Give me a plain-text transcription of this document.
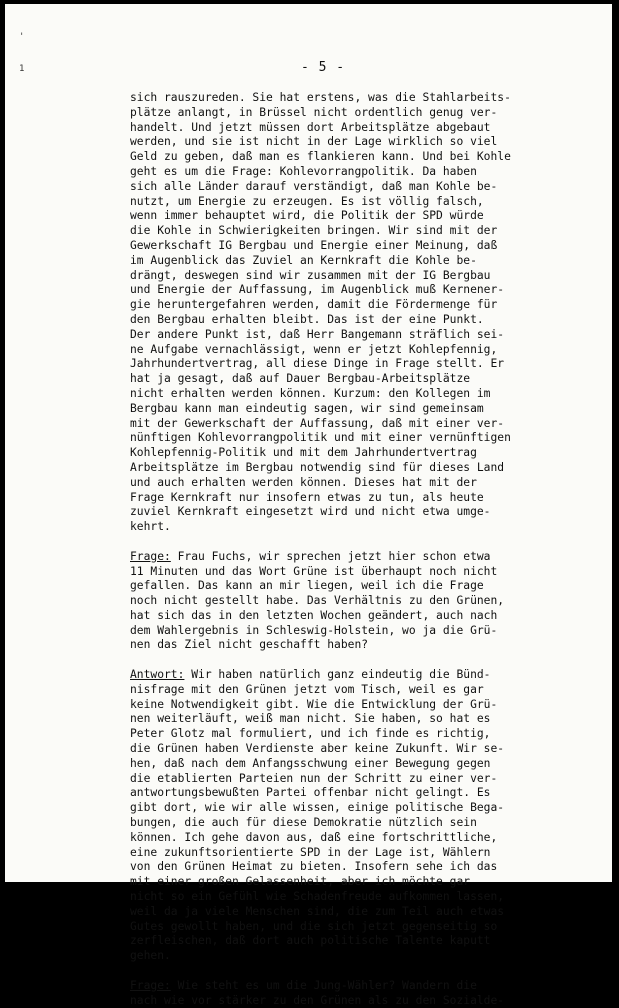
'
1	- 5 -
sich rauszureden. Sie hat erstens, was die Stahlarbeits-
plätze anlangt, in Brüssel nicht ordentlich genug ver-
handelt. Und jetzt müssen dort Arbeitsplätze abgebaut
werden, und sie ist nicht in der Lage wirklich so viel
Geld zu geben, daß man es flankieren kann. Und bei Kohle
geht es um die Frage: Kohlevorrangpolitik. Da haben
sich alle Länder darauf verständigt, daß man Kohle be-
nutzt, um Energie zu erzeugen. Es ist völlig falsch,
wenn immer behauptet wird, die Politik der SPD würde
die Kohle in Schwierigkeiten bringen. Wir sind mit der
Gewerkschaft IG Bergbau und Energie einer Meinung, daß
im Augenblick das Zuviel an Kernkraft die Kohle be-
drängt, deswegen sind wir zusammen mit der IG Bergbau
und Energie der Auffassung, im Augenblick muß Kernener-
gie heruntergefahren werden, damit die Fördermenge für
den Bergbau erhalten bleibt. Das ist der eine Punkt.
Der andere Punkt ist, daß Herr Bangemann sträflich sei-
ne Aufgabe vernachlässigt, wenn er jetzt Kohlepfennig,
Jahrhundertvertrag, all diese Dinge in Frage stellt. Er
hat ja gesagt, daß auf Dauer Bergbau-Arbeitsplätze
nicht erhalten werden können. Kurzum: den Kollegen im
Bergbau kann man eindeutig sagen, wir sind gemeinsam
mit der Gewerkschaft der Auffassung, daß mit einer ver-
nünftigen Kohlevorrangpolitik und mit einer vernünftigen
Kohlepfennig-Politik und mit dem Jahrhundertvertrag
Arbeitsplätze im Bergbau notwendig sind für dieses Land
und auch erhalten werden können. Dieses hat mit der
Frage Kernkraft nur insofern etwas zu tun, als heute
zuviel Kernkraft eingesetzt wird und nicht etwa umge-
kehrt.
Frage: Frau Fuchs, wir sprechen jetzt hier schon etwa
11 Minuten und das Wort Grüne ist überhaupt noch nicht
gefallen. Das kann an mir liegen, weil ich die Frage
noch nicht gestellt habe. Das Verhältnis zu den Grünen,
hat sich das in den letzten Wochen geändert, auch nach
dem Wahlergebnis in Schleswig-Holstein, wo ja die Grü-
nen das Ziel nicht geschafft haben?
Antwort: Wir haben natürlich ganz eindeutig die Bünd-
nisfrage mit den Grünen jetzt vom Tisch, weil es gar
keine Notwendigkeit gibt. Wie die Entwicklung der Grü-
nen weiterläuft, weiß man nicht. Sie haben, so hat es
Peter Glotz mal formuliert, und ich finde es richtig,
die Grünen haben Verdienste aber keine Zukunft. Wir se-
hen, daß nach dem Anfangsschwung einer Bewegung gegen
die etablierten Parteien nun der Schritt zu einer ver-
antwortungsbewußten Partei offenbar nicht gelingt. Es
gibt dort, wie wir alle wissen, einige politische Bega-
bungen, die auch für diese Demokratie nützlich sein
können. Ich gehe davon aus, daß eine fortschrittliche,
eine zukunftsorientierte SPD in der Lage ist, Wählern
von den Grünen Heimat zu bieten. Insofern sehe ich das
mit einer großen Gelassenheit, aber ich möchte gar
nicht so ein Gefühl wie Schadenfreude aufkommen lassen,
weil da ja viele Menschen sind, die zum Teil auch etwas
Gutes gewollt haben, und die sich jetzt gegenseitig so
zerfleischen, daß dort auch politische Talente kaputt
gehen.
Frage: Wie steht es um die Jung-Wähler? Wandern die
nach wie vor stärker zu den Grünen als zu den Sozialde-
